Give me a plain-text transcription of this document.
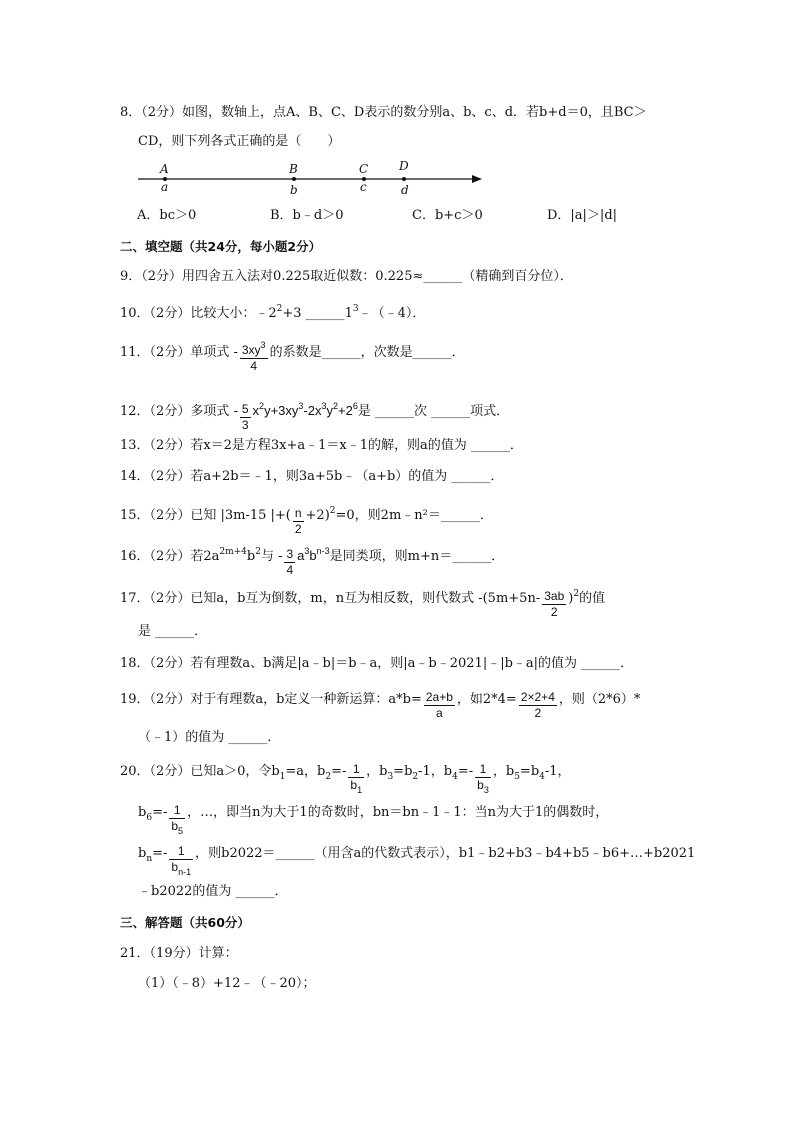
8．（2分）如图，数轴上，点A、B、C、D表示的数分别a、b、c、d．若b+d＝0，且BC＞
CD，则下列各式正确的是（　　）
A
a
B
b
C
c
D
d
A．bc＞0	B．b﹣d＞0	C．b+c＞0	D．|a|＞|d|
二、填空题（共24分，每小题2分）
9．（2分）用四舍五入法对0.225取近似数：0.225≈______（精确到百分位）．
10．（2分）比较大小：$﹣2^2+3$ $\_\_\_\_\_\_1^3﹣(﹣4)$．
11．（2分）单项式 - $\frac{3xy^3}{4}$ 的系数是______，次数是______．
12．（2分）多项式 - $\frac{5}{3} x^2y+3xy^3-2x^3y^2+2^6$是 ______次 ______项式．
13．（2分）若x＝2是方程3x+a﹣1＝x﹣1的解，则a的值为 ______．
14．（2分）若a+2b＝﹣1，则3a+5b﹣（a+b）的值为 ______．
15．（2分）已知 |3m-15 |+( $\frac{n}{2} +2)^2=0$，则2m﹣n²＝______．
16．（2分）若$2a^{2m+4}b^2$与 - $\frac{3}{4} a^3b^{n-3}$是同类项，则m+n＝______．
17．（2分）已知a，b互为倒数，m，n互为相反数，则代数式 $-(5m+5n- \frac{3ab}{2} )^2$的值
是 ______．
18．（2分）若有理数a、b满足|a﹣b|＝b﹣a，则|a﹣b﹣2021|﹣|b﹣a|的值为 ______．
19．（2分）对于有理数a，b定义一种新运算：$a*b= \frac{2a+b}{a}$ ，如$2*4= \frac{2\times 2+4}{2}$ ，则（2*6）*
（﹣1）的值为 ______．
20．（2分）已知a＞0，令$b_1=a$，$b_2=- \frac{1}{b_1}$ ，$b_3=b_2-1$，$b_4=- \frac{1}{b_3}$ ，$b_5=b_4-1$，
$b_6=- \frac{1}{b_5}$ ，…，即当n为大于1的奇数时，bn＝bn﹣1﹣1：当n为大于1的偶数时，
$b_n=- \frac{1}{b_{n-1}}$ ，则b2022＝______（用含a的代数式表示），b1﹣b2+b3﹣b4+b5﹣b6+…+b2021
﹣b2022的值为 ______．
三、解答题（共60分）
21．（19分）计算：
（1）（﹣8）+12﹣（﹣20）；
